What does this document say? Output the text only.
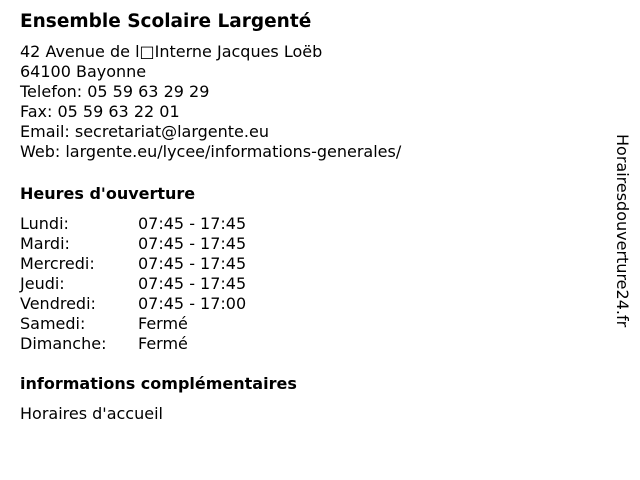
Ensemble Scolaire Largenté
42 Avenue de l□Interne Jacques Loëb
64100 Bayonne
Telefon: 05 59 63 29 29
Fax: 05 59 63 22 01
Email: secretariat@largente.eu
Web: largente.eu/lycee/informations-generales/
Heures d'ouverture
Lundi:	07:45 - 17:45
Mardi:	07:45 - 17:45
Mercredi:	07:45 - 17:45
Jeudi:	07:45 - 17:45
Vendredi:	07:45 - 17:00
Samedi:	Fermé
Dimanche:	Fermé
informations complémentaires
Horaires d'accueil
Horairesdouverture24.fr
